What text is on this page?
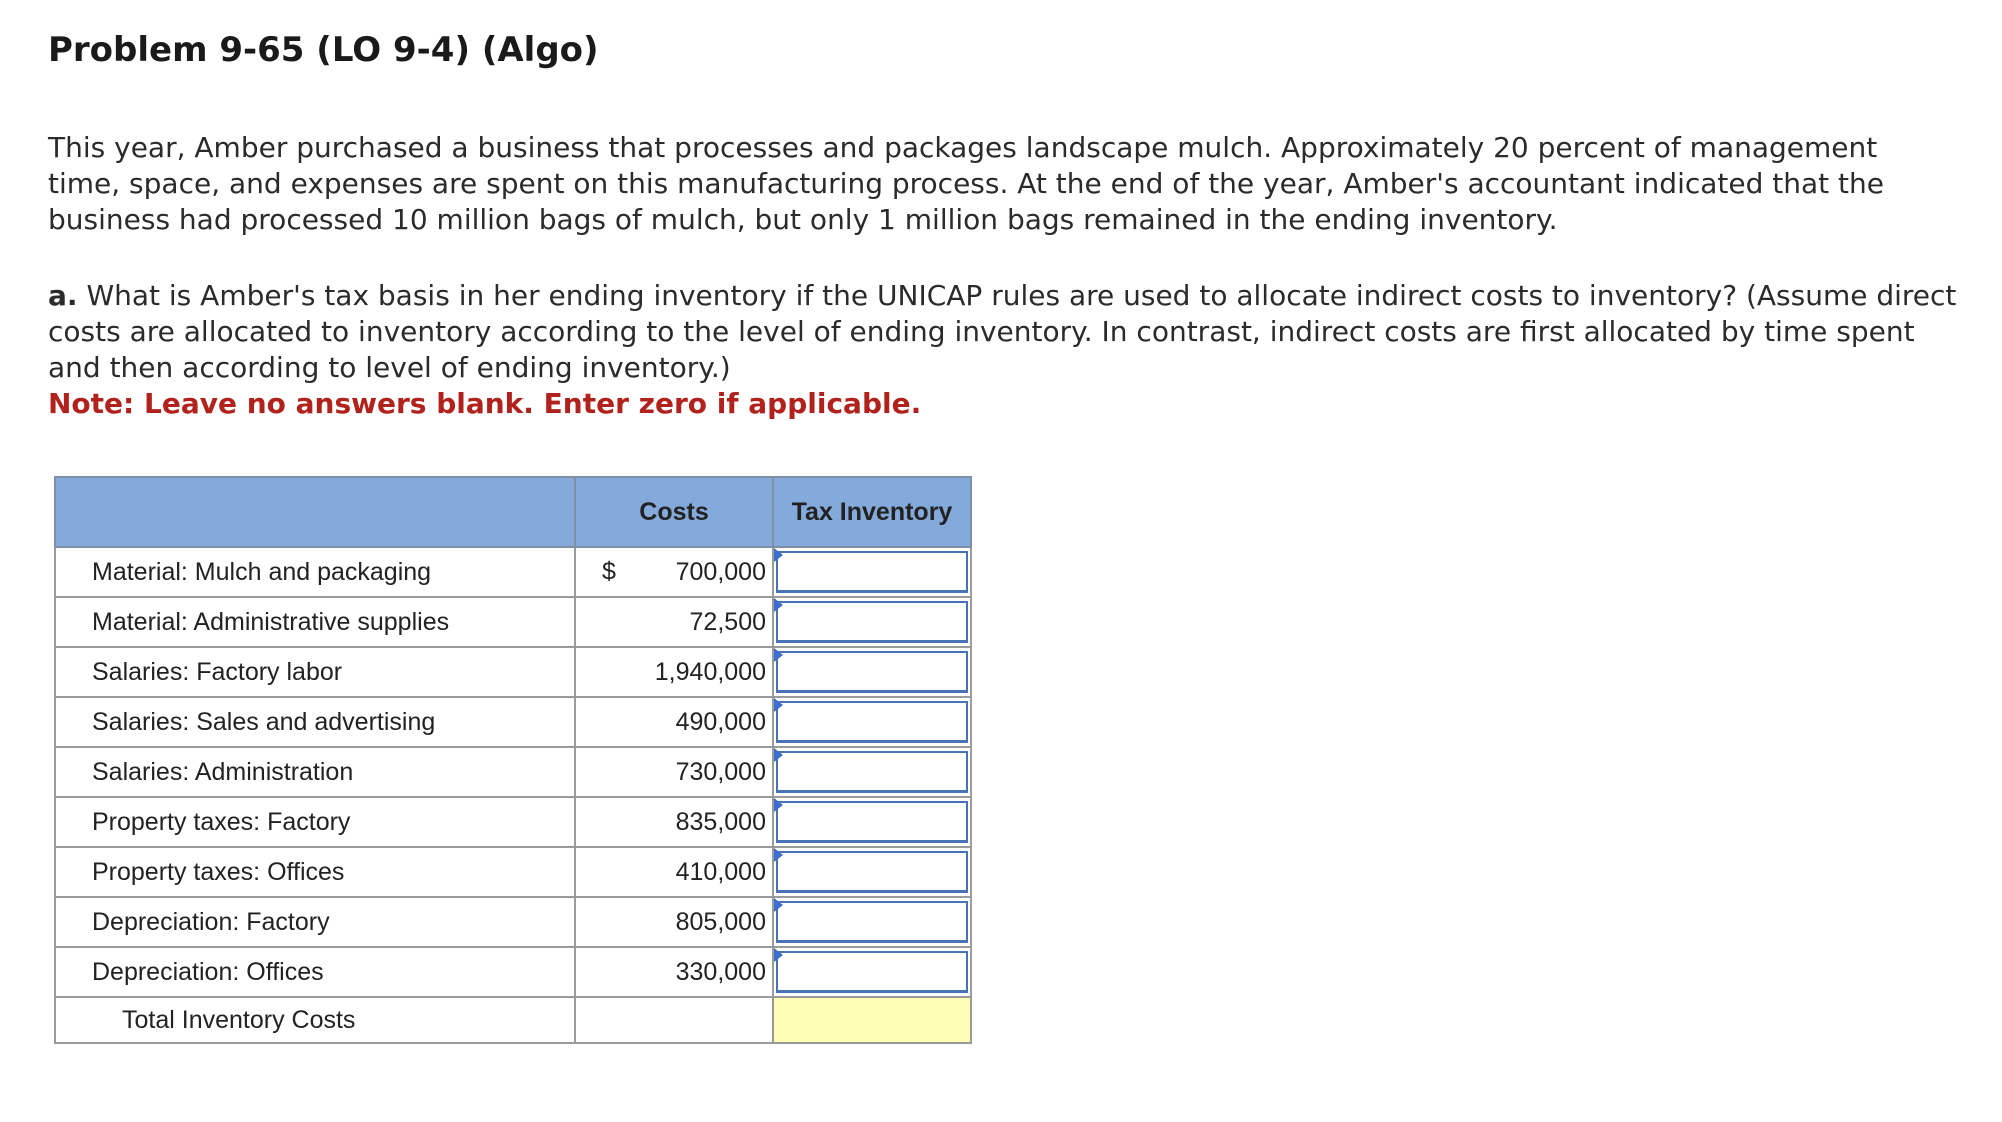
Problem 9-65 (LO 9-4) (Algo)

This year, Amber purchased a business that processes and packages landscape mulch. Approximately 20 percent of management time, space, and expenses are spent on this manufacturing process. At the end of the year, Amber's accountant indicated that the business had processed 10 million bags of mulch, but only 1 million bags remained in the ending inventory.

a. What is Amber's tax basis in her ending inventory if the UNICAP rules are used to allocate indirect costs to inventory? (Assume direct costs are allocated to inventory according to the level of ending inventory. In contrast, indirect costs are first allocated by time spent and then according to level of ending inventory.)
Note: Leave no answers blank. Enter zero if applicable.

	Costs	Tax Inventory
Material: Mulch and packaging	$ 700,000	

Material: Administrative supplies	72,500	

Salaries: Factory labor	1,940,000	

Salaries: Sales and advertising	490,000	

Salaries: Administration	730,000	

Property taxes: Factory	835,000	

Property taxes: Offices	410,000	

Depreciation: Factory	805,000	

Depreciation: Offices	330,000	

Total Inventory Costs		
